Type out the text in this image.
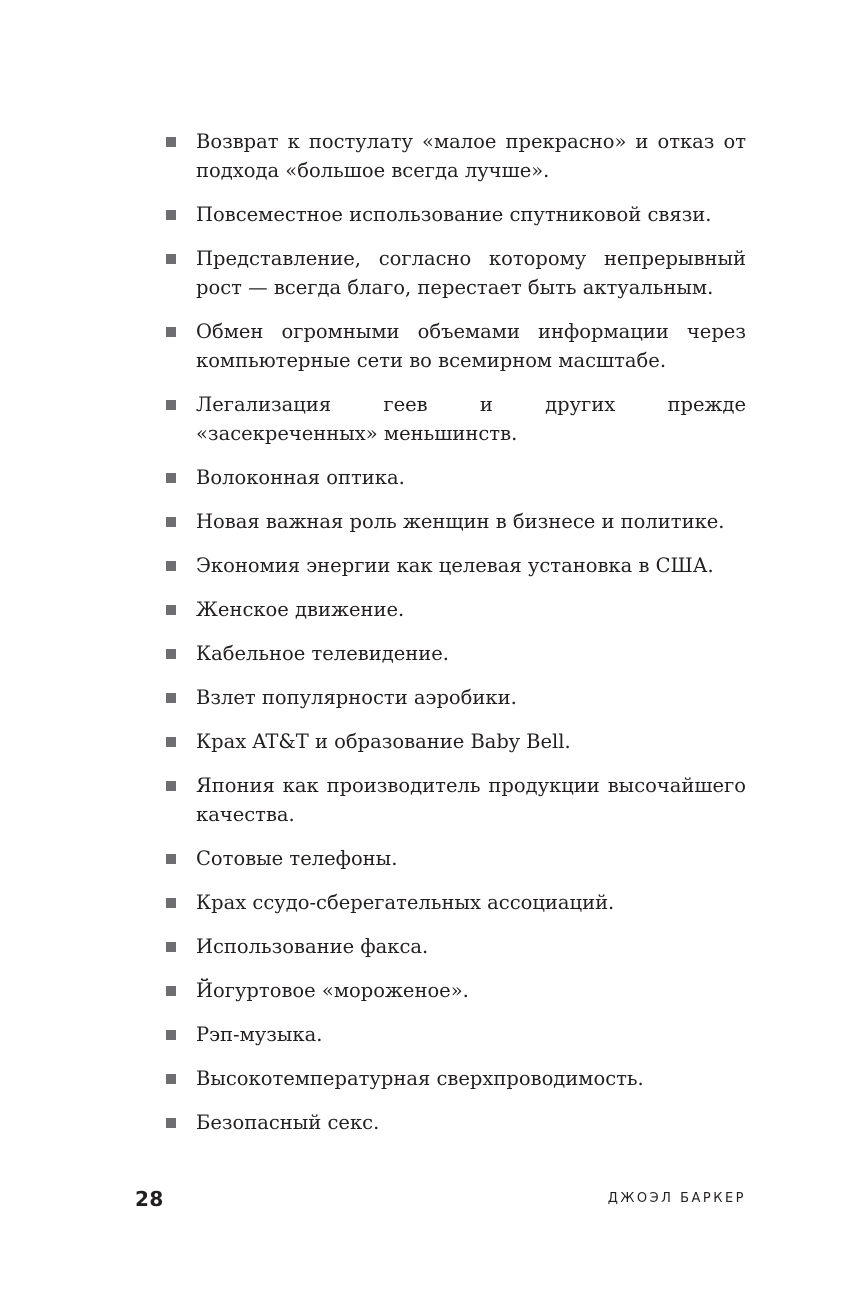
Возврат к постулату «малое прекрасно» и отказ от подхода «большое всегда лучше».
Повсеместное использование спутниковой связи.
Представление, согласно которому непрерывный рост — всегда благо, перестает быть актуальным.
Обмен огромными объемами информации через компьютерные сети во всемирном масштабе.
Легализация геев и других прежде «засекреченных» меньшинств.
Волоконная оптика.
Новая важная роль женщин в бизнесе и политике.
Экономия энергии как целевая установка в США.
Женское движение.
Кабельное телевидение.
Взлет популярности аэробики.
Крах AT&T и образование Baby Bell.
Япония как производитель продукции высочайшего качества.
Сотовые телефоны.
Крах ссудо-сберегательных ассоциаций.
Использование факса.
Йогуртовое «мороженое».
Рэп-музыка.
Высокотемпературная сверхпроводимость.
Безопасный секс.
28	ДЖОЭЛ БАРКЕР
